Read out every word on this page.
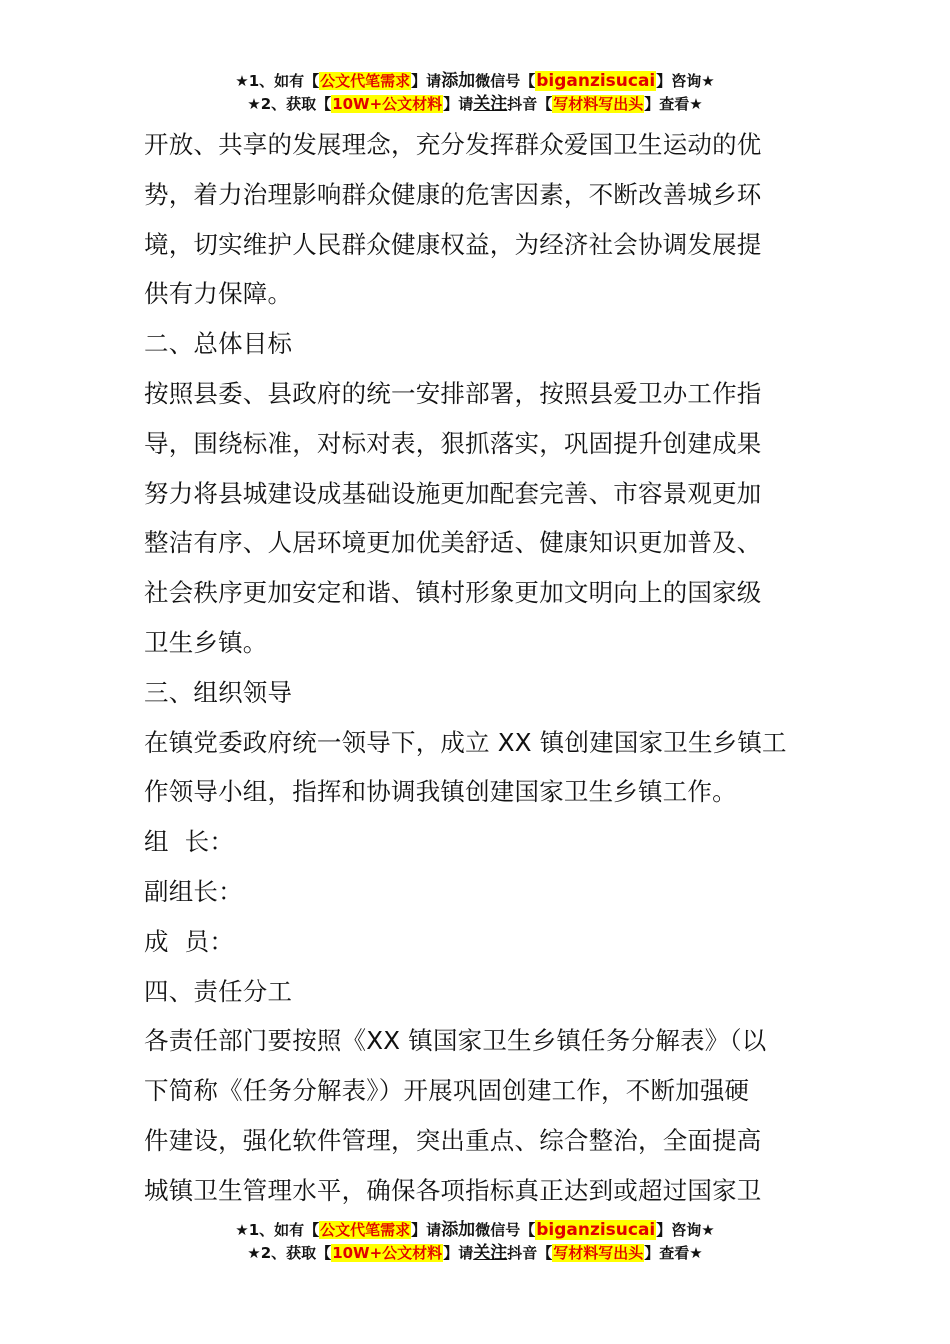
★1、如有【公文代笔需求】请添加微信号【biganzisucai】咨询★
★2、获取【10W+公文材料】请关注抖音【写材料写出头】查看★

开放、共享的发展理念，充分发挥群众爱国卫生运动的优

势，着力治理影响群众健康的危害因素，不断改善城乡环

境，切实维护人民群众健康权益，为经济社会协调发展提

供有力保障。

二、总体目标

按照县委、县政府的统一安排部署，按照县爱卫办工作指

导，围绕标准，对标对表，狠抓落实，巩固提升创建成果

努力将县城建设成基础设施更加配套完善、市容景观更加

整洁有序、人居环境更加优美舒适、健康知识更加普及、

社会秩序更加安定和谐、镇村形象更加文明向上的国家级

卫生乡镇。

三、组织领导

在镇党委政府统一领导下，成立 XX 镇创建国家卫生乡镇工

作领导小组，指挥和协调我镇创建国家卫生乡镇工作。

组  长：

副组长：

成  员：

四、责任分工

各责任部门要按照《XX 镇国家卫生乡镇任务分解表》（以

下简称《任务分解表》）开展巩固创建工作，不断加强硬

件建设，强化软件管理，突出重点、综合整治，全面提高

城镇卫生管理水平，确保各项指标真正达到或超过国家卫

★1、如有【公文代笔需求】请添加微信号【biganzisucai】咨询★
★2、获取【10W+公文材料】请关注抖音【写材料写出头】查看★
